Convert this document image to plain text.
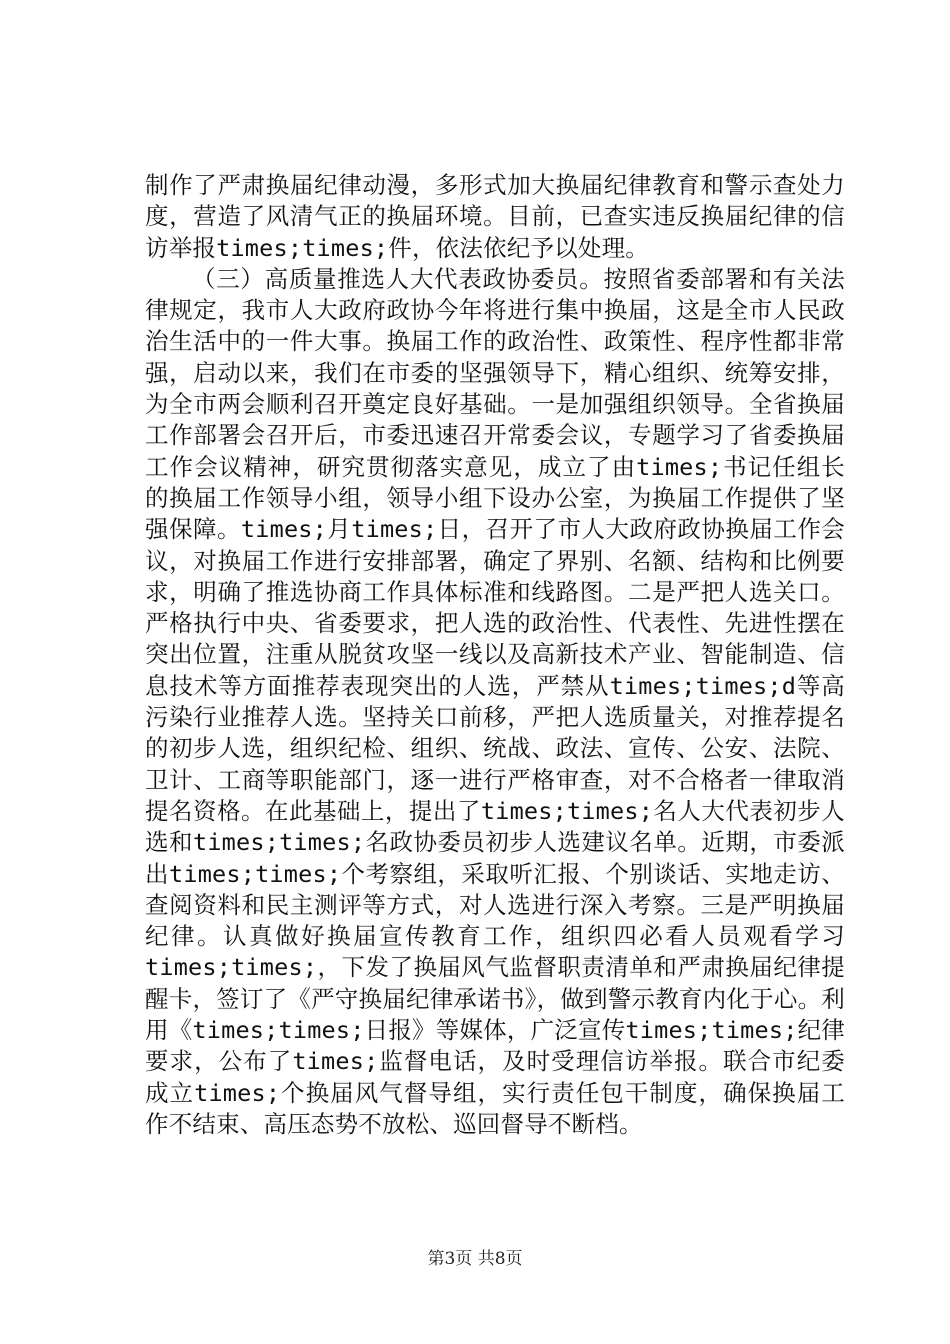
制作了严肃换届纪律动漫，多形式加大换届纪律教育和警示查处力度，营造了风清气正的换届环境。目前，已查实违反换届纪律的信访举报times;times;件，依法依纪予以处理。

（三）高质量推选人大代表政协委员。按照省委部署和有关法律规定，我市人大政府政协今年将进行集中换届，这是全市人民政治生活中的一件大事。换届工作的政治性、政策性、程序性都非常强，启动以来，我们在市委的坚强领导下，精心组织、统筹安排，为全市两会顺利召开奠定良好基础。一是加强组织领导。全省换届工作部署会召开后，市委迅速召开常委会议，专题学习了省委换届工作会议精神，研究贯彻落实意见，成立了由times;书记任组长的换届工作领导小组，领导小组下设办公室，为换届工作提供了坚强保障。times;月times;日，召开了市人大政府政协换届工作会议，对换届工作进行安排部署，确定了界别、名额、结构和比例要求，明确了推选协商工作具体标准和线路图。二是严把人选关口。严格执行中央、省委要求，把人选的政治性、代表性、先进性摆在突出位置，注重从脱贫攻坚一线以及高新技术产业、智能制造、信息技术等方面推荐表现突出的人选，严禁从times;times;d等高污染行业推荐人选。坚持关口前移，严把人选质量关，对推荐提名的初步人选，组织纪检、组织、统战、政法、宣传、公安、法院、卫计、工商等职能部门，逐一进行严格审查，对不合格者一律取消提名资格。在此基础上，提出了times;times;名人大代表初步人选和times;times;名政协委员初步人选建议名单。近期，市委派出times;times;个考察组，采取听汇报、个别谈话、实地走访、查阅资料和民主测评等方式，对人选进行深入考察。三是严明换届纪律。认真做好换届宣传教育工作，组织四必看人员观看学习times;times;，下发了换届风气监督职责清单和严肃换届纪律提醒卡，签订了《严守换届纪律承诺书》，做到警示教育内化于心。利用《times;times;日报》等媒体，广泛宣传times;times;纪律要求，公布了times;监督电话，及时受理信访举报。联合市纪委成立times;个换届风气督导组，实行责任包干制度，确保换届工作不结束、高压态势不放松、巡回督导不断档。

第3页 共8页
